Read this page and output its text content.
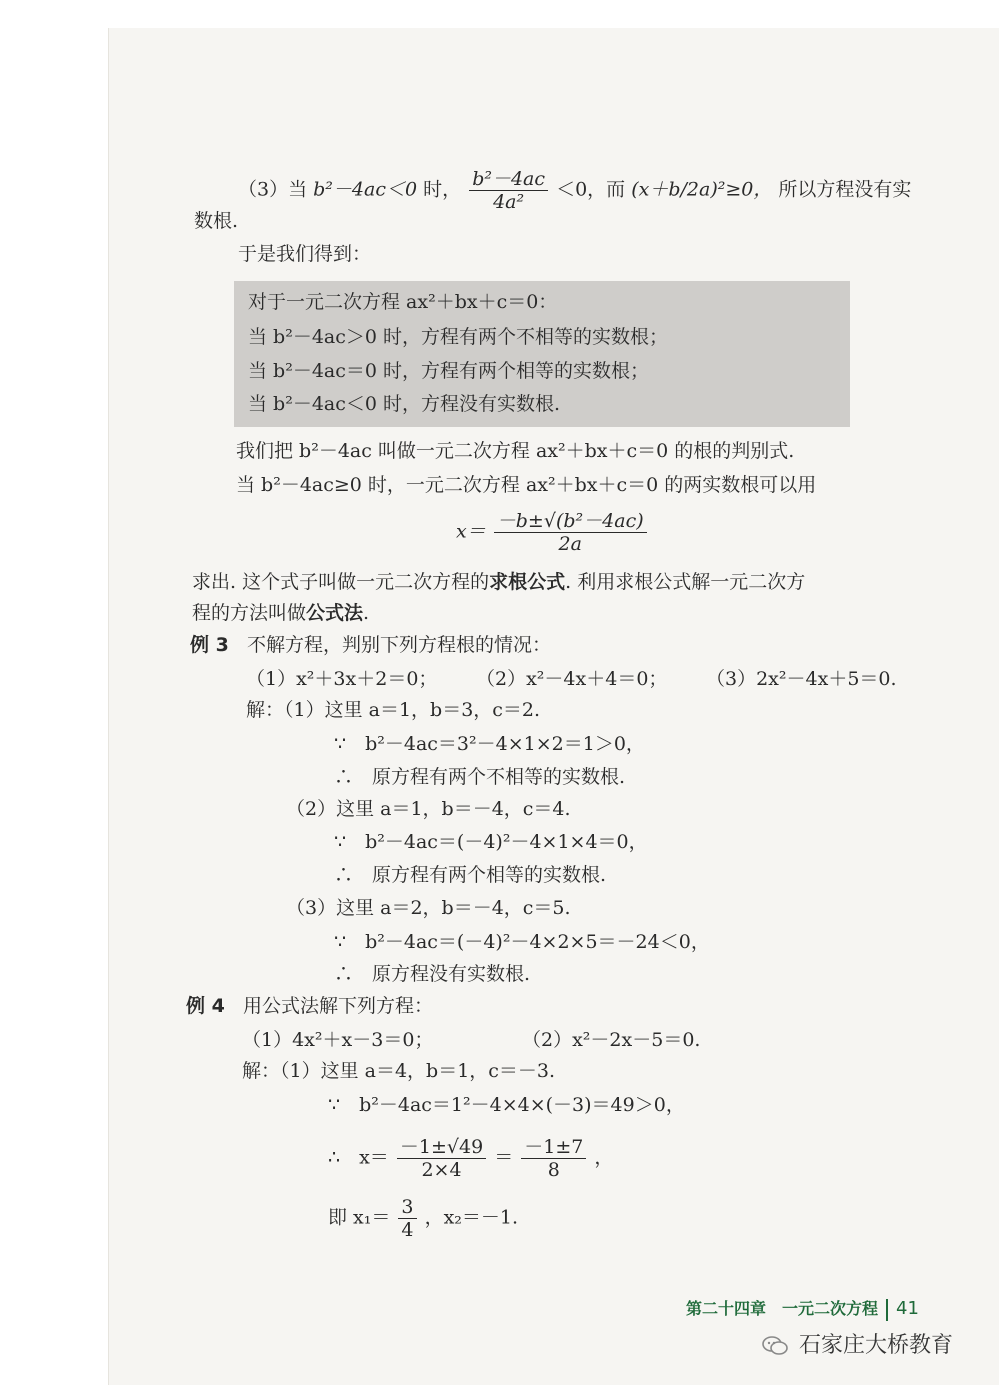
（3）当 b²－4ac＜0 时， $\frac{\text{b²－4ac}}{\text{4a²}} <0$，而 (x＋b/2a)²≥0， 所以方程没有实
数根.
于是我们得到：
对于一元二次方程 ax²＋bx＋c＝0：
当 b²－4ac＞0 时，方程有两个不相等的实数根；
当 b²－4ac＝0 时，方程有两个相等的实数根；
当 b²－4ac＜0 时，方程没有实数根.
我们把 b²－4ac 叫做一元二次方程 ax²＋bx＋c＝0 的根的判别式.
当 b²－4ac≥0 时，一元二次方程 ax²＋bx＋c＝0 的两实数根可以用
$x= \frac{\text{－b±√(b²－4ac)}}{2a}$
求出. 这个式子叫做一元二次方程的求根公式. 利用求根公式解一元二次方
程的方法叫做公式法.
例 3 不解方程，判别下列方程根的情况：
（1）x²＋3x＋2＝0； （2）x²－4x＋4＝0； （3）2x²－4x＋5＝0.
解：（1）这里 a＝1，b＝3，c＝2.
∵　b²－4ac＝3²－4×1×2＝1＞0，
∴　原方程有两个不相等的实数根.
（2）这里 a＝1，b＝－4，c＝4.
∵　b²－4ac＝(－4)²－4×1×4＝0，
∴　原方程有两个相等的实数根.
（3）这里 a＝2，b＝－4，c＝5.
∵　b²－4ac＝(－4)²－4×2×5＝－24＜0，
∴　原方程没有实数根.
例 4 用公式法解下列方程：
（1）4x²＋x－3＝0；	（2）x²－2x－5＝0.
解：（1）这里 a＝4，b＝1，c＝－3.
∵　b²－4ac＝1²－4×4×(－3)＝49＞0，
∴　$x= \frac{-1\pm√49}{2\times 4} = \frac{-1\pm 7}{8}$ ，
即 $x_1= \frac{3}{4}$ ，x₂＝－1.
第二十四章　一元二次方程 41
石家庄大桥教育
